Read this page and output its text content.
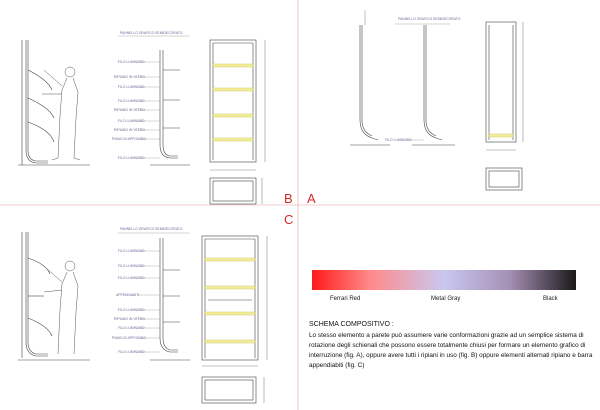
PANNELLO GRAFICO SEMIDECORATO
FILO LUMINOSO
RIPIANO IN VETRO
FILO LUMINOSO
FILO LUMINOSO
RIPIANO IN VETRO
FILO LUMINOSO
RIPIANO IN VETRO
PIANO DI APPOGGIO
FILO LUMINOSO
PANNELLO GRAFICO SEMIDECORATO
FILO LUMINOSO
PANNELLO GRAFICO SEMIDECORATO
FILO LUMINOSO
FILO LUMINOSO
FILO LUMINOSO
APPENDIABITI
FILO LUMINOSO
RIPIANO IN VETRO
FILO LUMINOSO
PIANO DI APPOGGIO
FILO LUMINOSO
B A
C
Ferrari Red	Metal Gray	Black
SCHEMA COMPOSITIVO :
Lo stesso elemento a parete può assumere varie conformazioni grazie ad un semplice sistema di rotazione degli schienali che possono essere totalmente chiusi per formare un elemento grafico di interruzione (fig. A), oppure avere tutti i ripiani in uso (fig. B) oppure elementi alternati ripiano e barra appendiabiti (fig. C)
